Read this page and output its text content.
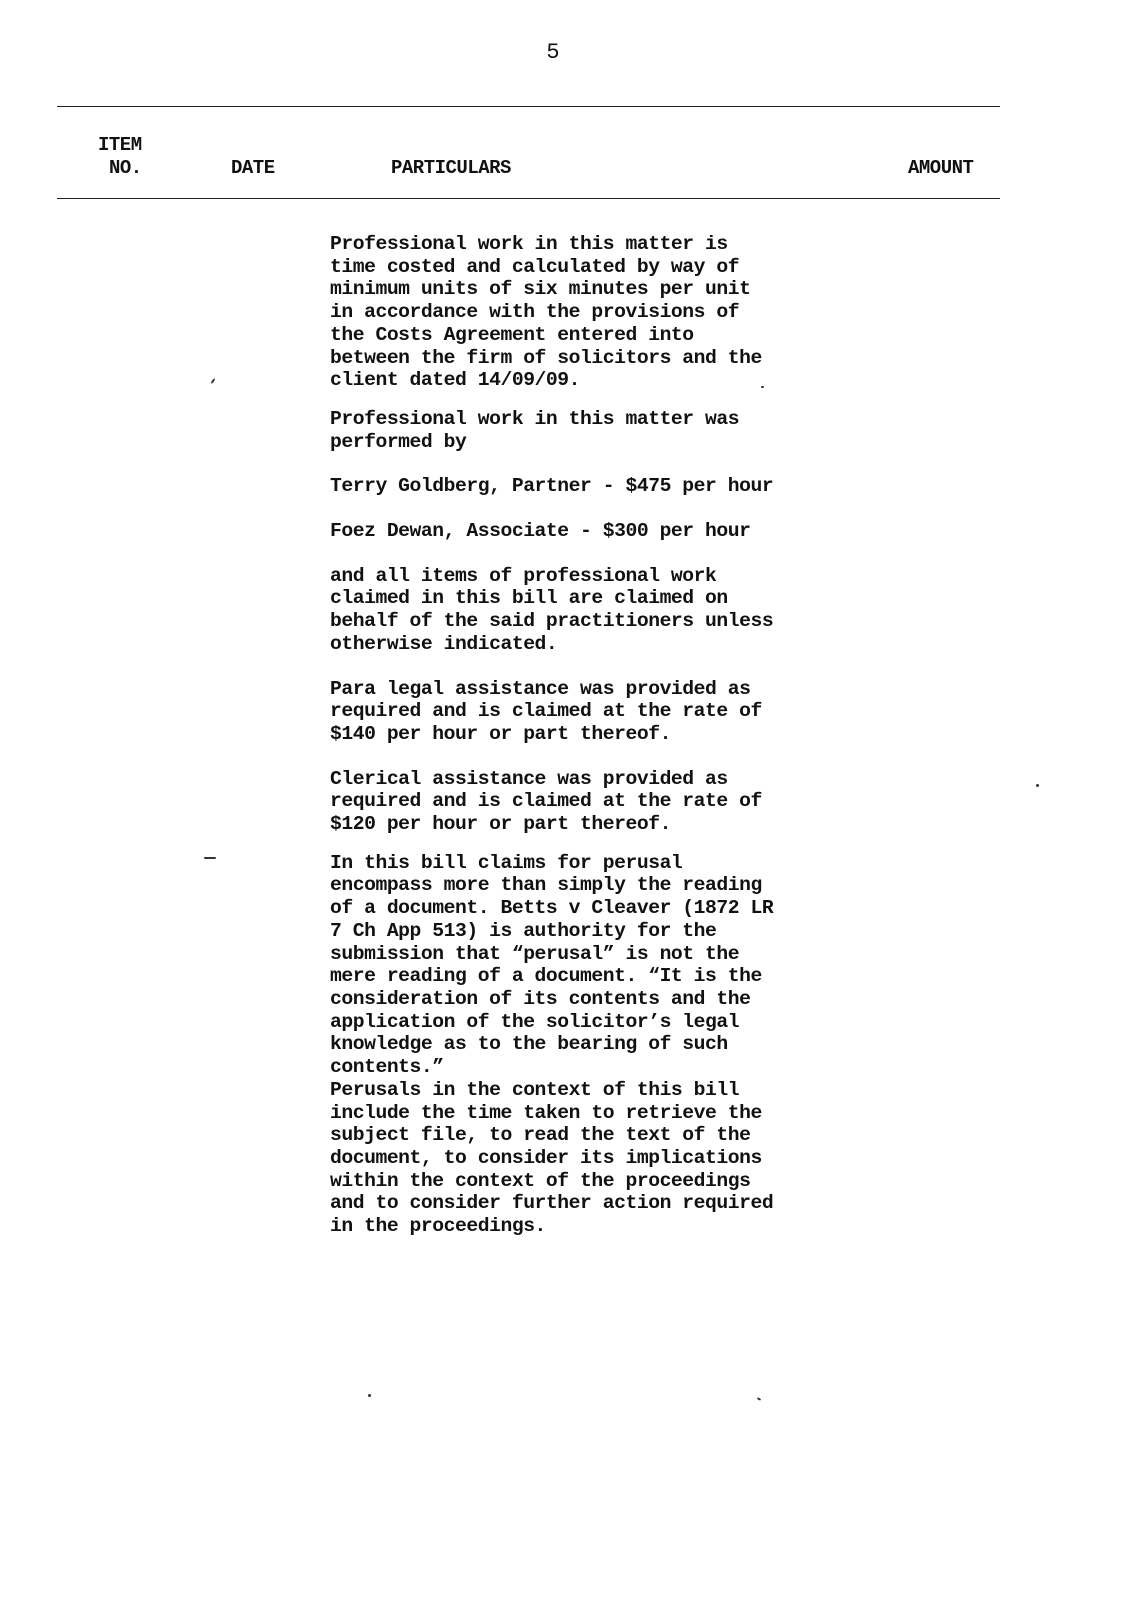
5
ITEM
NO.	DATE	PARTICULARS	AMOUNT

Professional work in this matter is
time costed and calculated by way of
minimum units of six minutes per unit
in accordance with the provisions of
the Costs Agreement entered into
between the firm of solicitors and the
client dated 14/09/09.

Professional work in this matter was
performed by

Terry Goldberg, Partner - $475 per hour

Foez Dewan, Associate - $300 per hour

and all items of professional work
claimed in this bill are claimed on
behalf of the said practitioners unless
otherwise indicated.

Para legal assistance was provided as
required and is claimed at the rate of
$140 per hour or part thereof.

Clerical assistance was provided as
required and is claimed at the rate of
$120 per hour or part thereof.

In this bill claims for perusal
encompass more than simply the reading
of a document. Betts v Cleaver (1872 LR
7 Ch App 513) is authority for the
submission that “perusal” is not the
mere reading of a document. “It is the
consideration of its contents and the
application of the solicitor’s legal
knowledge as to the bearing of such
contents.”

Perusals in the context of this bill
include the time taken to retrieve the
subject file, to read the text of the
document, to consider its implications
within the context of the proceedings
and to consider further action required
in the proceedings.
